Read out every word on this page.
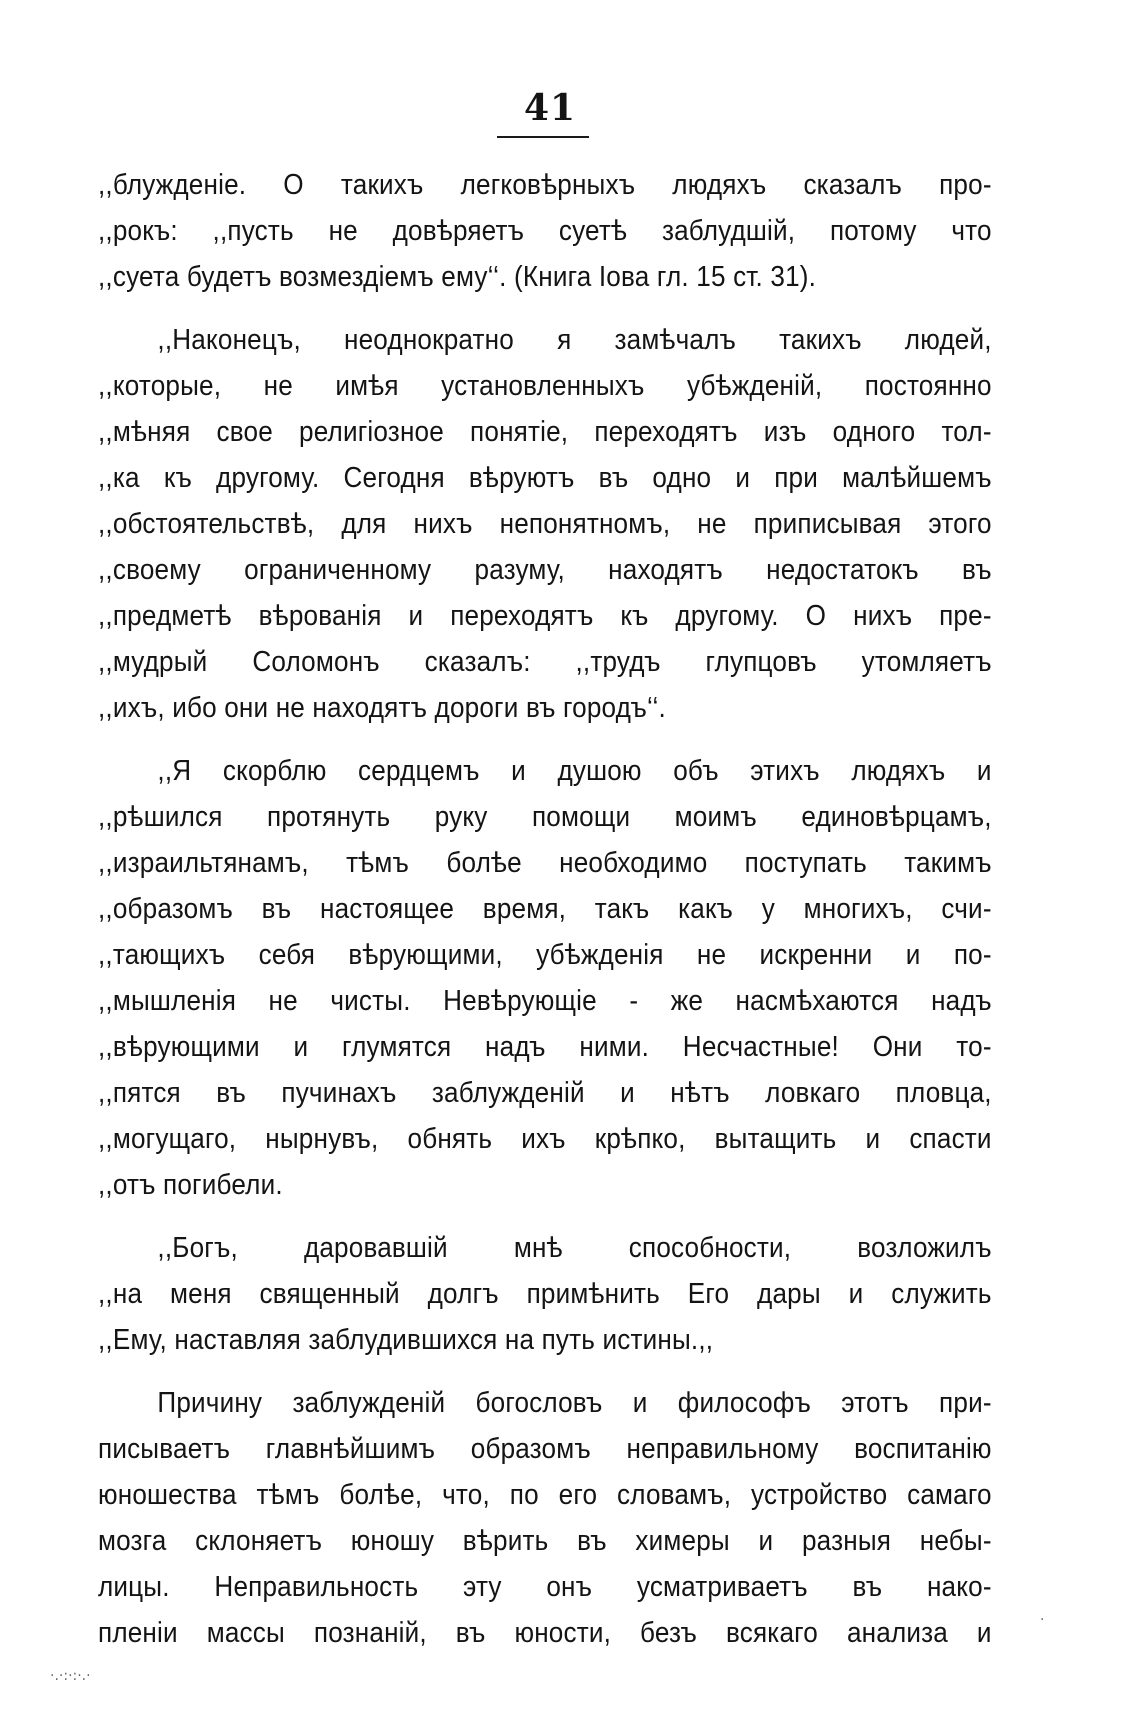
41
,,блужденіе. О такихъ легковѣрныхъ людяхъ сказалъ про-
,,рокъ: ,,пусть не довѣряетъ суетѣ заблудшій, потому что
,,суета будетъ возмездіемъ ему‘‘. (Книга Іова гл. 15 ст. 31).
,,Наконецъ, неоднократно я замѣчалъ такихъ людей,
,,которые, не имѣя установленныхъ убѣжденій, постоянно
,,мѣняя свое религіозное понятіе, переходятъ изъ одного тол-
,,ка къ другому. Сегодня вѣруютъ въ одно и при малѣйшемъ
,,обстоятельствѣ, для нихъ непонятномъ, не приписывая этого
,,своему ограниченному разуму, находятъ недостатокъ въ
,,предметѣ вѣрованія и переходятъ къ другому. О нихъ пре-
,,мудрый Соломонъ сказалъ: ,,трудъ глупцовъ утомляетъ
,,ихъ, ибо они не находятъ дороги въ городъ‘‘.
,,Я скорблю сердцемъ и душою объ этихъ людяхъ и
,,рѣшился протянуть руку помощи моимъ единовѣрцамъ,
,,израильтянамъ, тѣмъ болѣе необходимо поступать такимъ
,,образомъ въ настоящее время, такъ какъ у многихъ, счи-
,,тающихъ себя вѣрующими, убѣжденія не искренни и по-
,,мышленія не чисты. Невѣрующіе - же насмѣхаются надъ
,,вѣрующими и глумятся надъ ними. Несчастные! Они то-
,,пятся въ пучинахъ заблужденій и нѣтъ ловкаго пловца,
,,могущаго, нырнувъ, обнять ихъ крѣпко, вытащить и спасти
,,отъ погибели.
,,Богъ, даровавшій мнѣ способности, возложилъ
,,на меня священный долгъ примѣнить Его дары и служить
,,Ему, наставляя заблудившихся на путь истины.,,
Причину заблужденій богословъ и философъ этотъ при-
писываетъ главнѣйшимъ образомъ неправильному воспитанію
юношества тѣмъ болѣе, что, по его словамъ, устройство самаго
мозга склоняетъ юношу вѣрить въ химеры и разныя небы-
лицы. Неправильность эту онъ усматриваетъ въ нако-
пленіи массы познаній, въ юности, безъ всякаго анализа и
·.·:·:·.·
·
